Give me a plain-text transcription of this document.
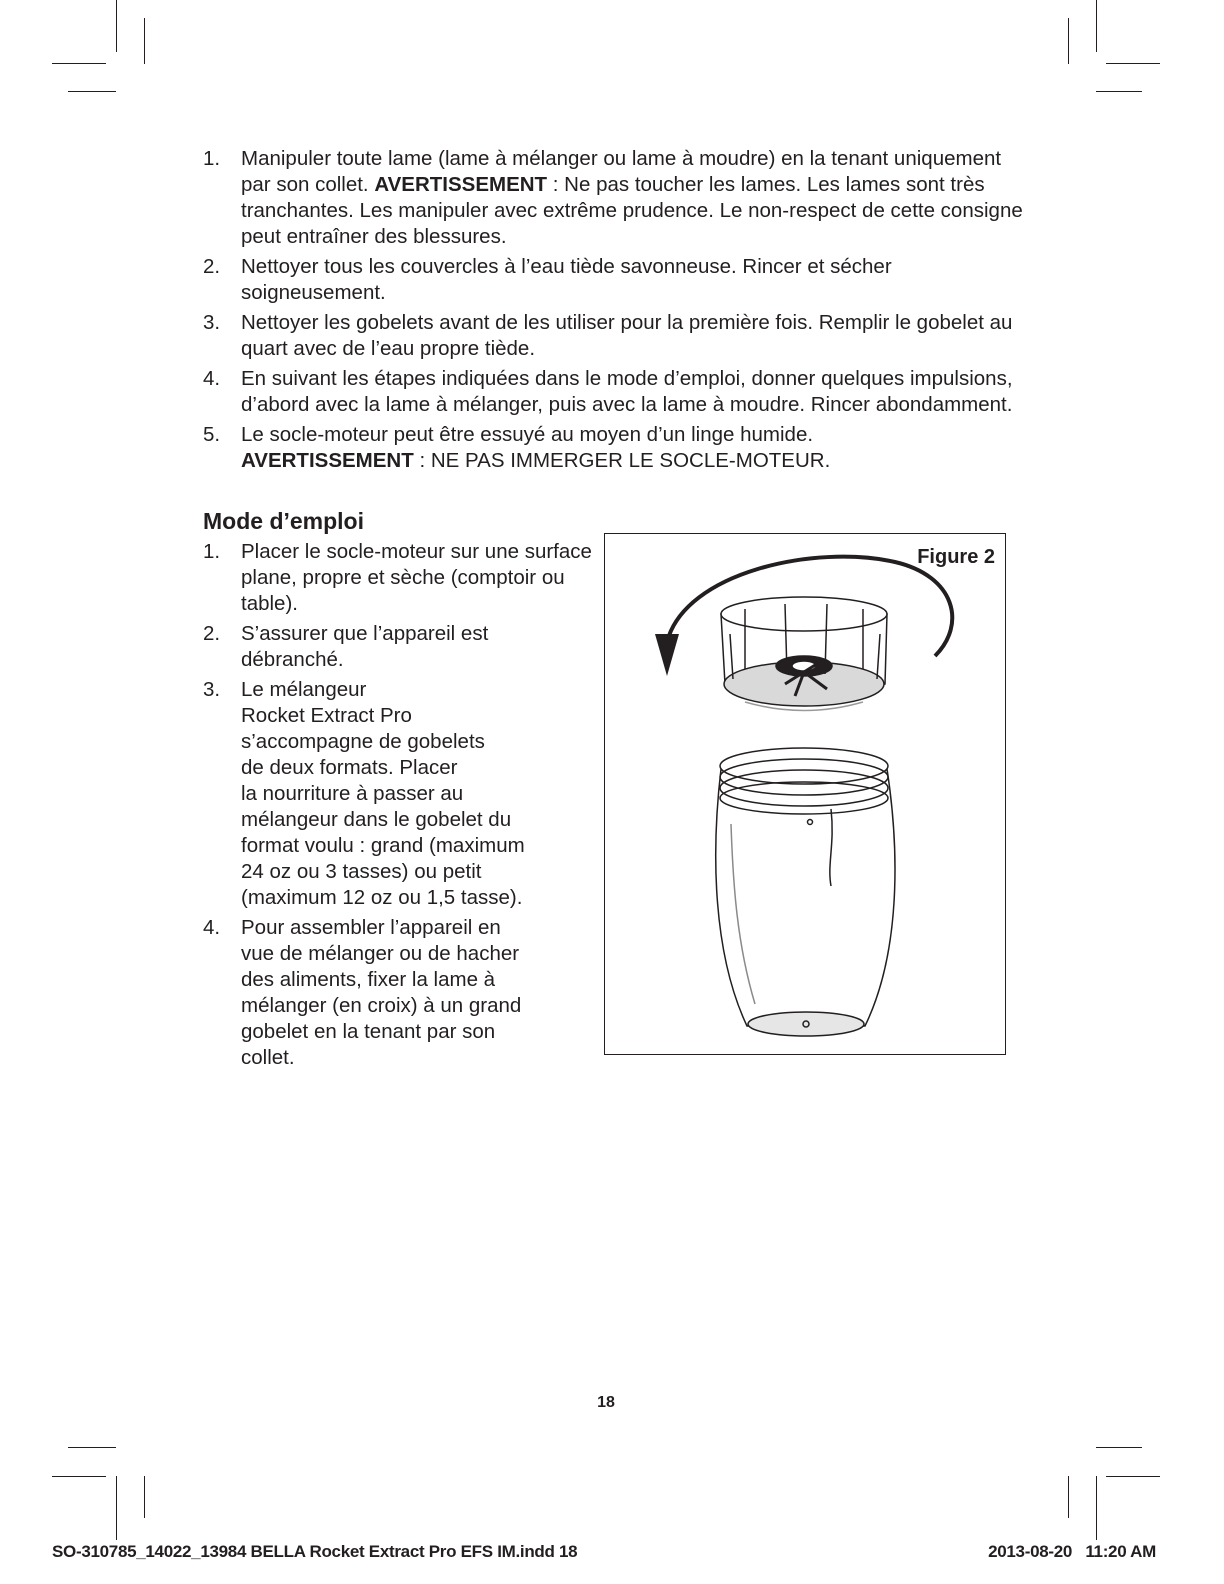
1. Manipuler toute lame (lame à mélanger ou lame à moudre) en la tenant uniquement par son collet. AVERTISSEMENT : Ne pas toucher les lames. Les lames sont très tranchantes. Les manipuler avec extrême prudence. Le non-respect de cette consigne peut entraîner des blessures.
2. Nettoyer tous les couvercles à l’eau tiède savonneuse. Rincer et sécher soigneusement.
3. Nettoyer les gobelets avant de les utiliser pour la première fois. Remplir le gobelet au quart avec de l’eau propre tiède.
4. En suivant les étapes indiquées dans le mode d’emploi, donner quelques impulsions, d’abord avec la lame à mélanger, puis avec la lame à moudre. Rincer abondamment.
5. Le socle-moteur peut être essuyé au moyen d’un linge humide.
AVERTISSEMENT : NE PAS IMMERGER LE SOCLE-MOTEUR.
Mode d’emploi
1. Placer le socle-moteur sur une surface plane, propre et sèche (comptoir ou table).
2. S’assurer que l’appareil est débranché.
3. Le mélangeur
Rocket Extract Pro
s’accompagne de gobelets
de deux formats. Placer
la nourriture à passer au
mélangeur dans le gobelet du
format voulu : grand (maximum
24 oz ou 3 tasses) ou petit
(maximum 12 oz ou 1,5 tasse).
4. Pour assembler l’appareil en
vue de mélanger ou de hacher
des aliments, fixer la lame à
mélanger (en croix) à un grand
gobelet en la tenant par son
collet.
Figure 2
18
SO-310785_14022_13984 BELLA Rocket Extract Pro EFS IM.indd 18	2013-08-20   11:20 AM
